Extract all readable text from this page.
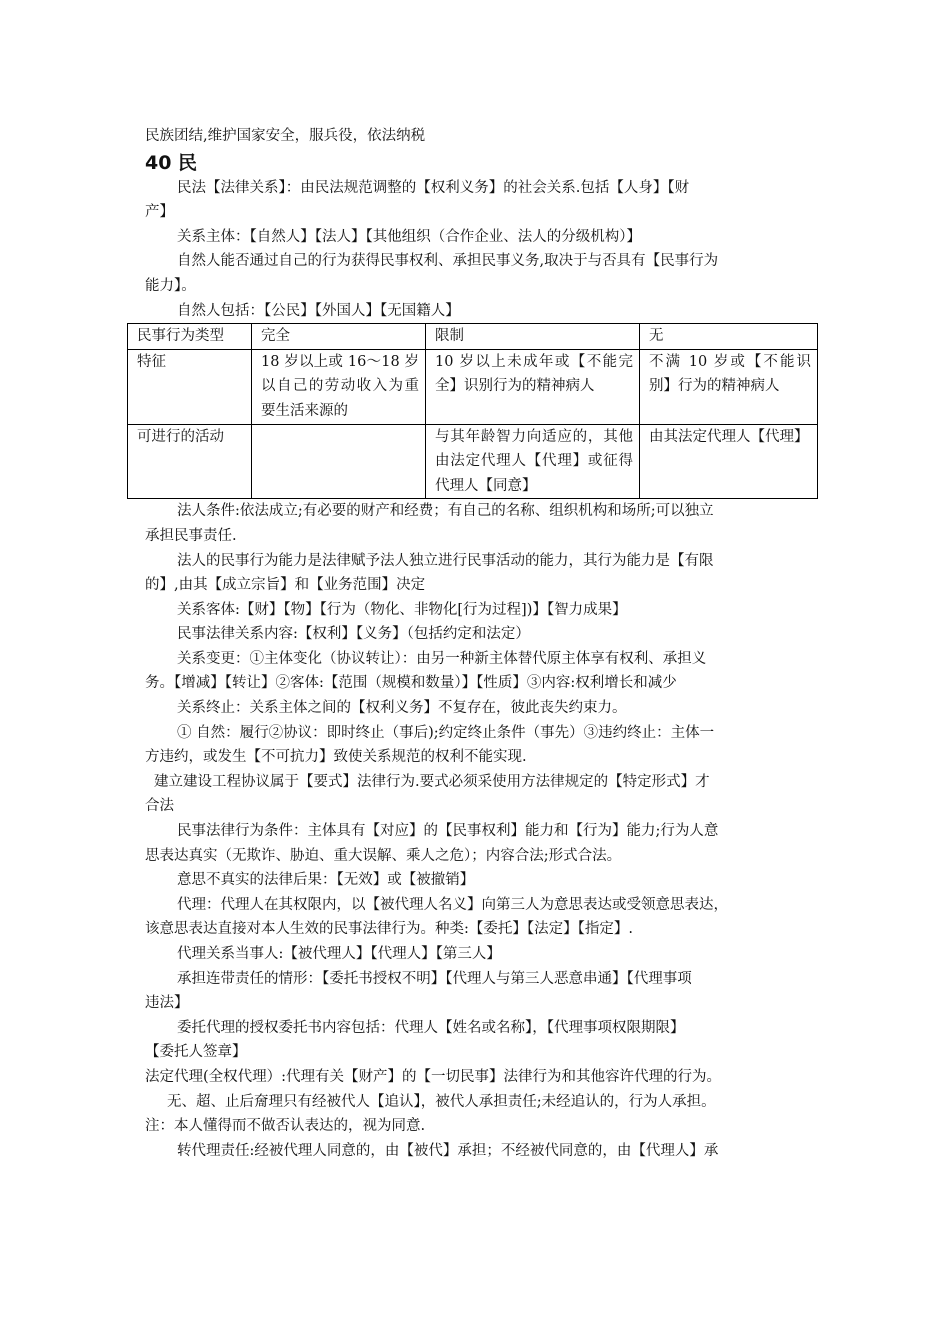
民族团结,维护国家安全，服兵役，依法纳税

40 民

民法【法律关系】：由民法规范调整的【权利义务】的社会关系.包括【人身】【财

产】

关系主体：【自然人】【法人】【其他组织（合作企业、法人的分级机构）】

自然人能否通过自己的行为获得民事权利、承担民事义务,取决于与否具有【民事行为

能力】。

自然人包括：【公民】【外国人】【无国籍人】

民事行为类型	完全	限制	无
特征	18 岁以上或 16～18 岁以自己的劳动收入为重要生活来源的	10 岁以上未成年或【不能完全】识别行为的精神病人	不满 10 岁或【不能识别】行为的精神病人
可进行的活动		与其年龄智力向适应的，其他由法定代理人【代理】或征得代理人【同意】	由其法定代理人【代理】

法人条件:依法成立;有必要的财产和经费；有自己的名称、组织机构和场所;可以独立

承担民事责任.

法人的民事行为能力是法律赋予法人独立进行民事活动的能力，其行为能力是【有限

的】,由其【成立宗旨】和【业务范围】决定

关系客体:【财】【物】【行为（物化、非物化[行为过程])】【智力成果】

民事法律关系内容:【权利】【义务】（包括约定和法定）

关系变更：①主体变化（协议转让）：由另一种新主体替代原主体享有权利、承担义

务。【增减】【转让】②客体:【范围（规模和数量）】【性质】③内容:权利增长和减少

关系终止：关系主体之间的【权利义务】不复存在，彼此丧失约束力。

① 自然：履行②协议：即时终止（事后);约定终止条件（事先）③违约终止：主体一

方违约，或发生【不可抗力】致使关系规范的权利不能实现.

建立建设工程协议属于【要式】法律行为.要式必须采使用方法律规定的【特定形式】才

合法

民事法律行为条件：主体具有【对应】的【民事权利】能力和【行为】能力;行为人意

思表达真实（无欺诈、胁迫、重大误解、乘人之危）；内容合法;形式合法。

意思不真实的法律后果：【无效】或【被撤销】

代理：代理人在其权限内，以【被代理人名义】向第三人为意思表达或受领意思表达，

该意思表达直接对本人生效的民事法律行为。种类:【委托】【法定】【指定】.

代理关系当事人:【被代理人】【代理人】【第三人】

承担连带责任的情形：【委托书授权不明】【代理人与第三人恶意串通】【代理事项

违法】

委托代理的授权委托书内容包括：代理人【姓名或名称】，【代理事项权限期限】

【委托人签章】

法定代理(全权代理）:代理有关【财产】的【一切民事】法律行为和其他容许代理的行为。

无、超、止后奝理只有经被代人【追认】，被代人承担责任;未经追认的，行为人承担。

注：本人懂得而不做否认表达的，视为同意.

转代理责任:经被代理人同意的，由【被代】承担；不经被代同意的，由【代理人】承
